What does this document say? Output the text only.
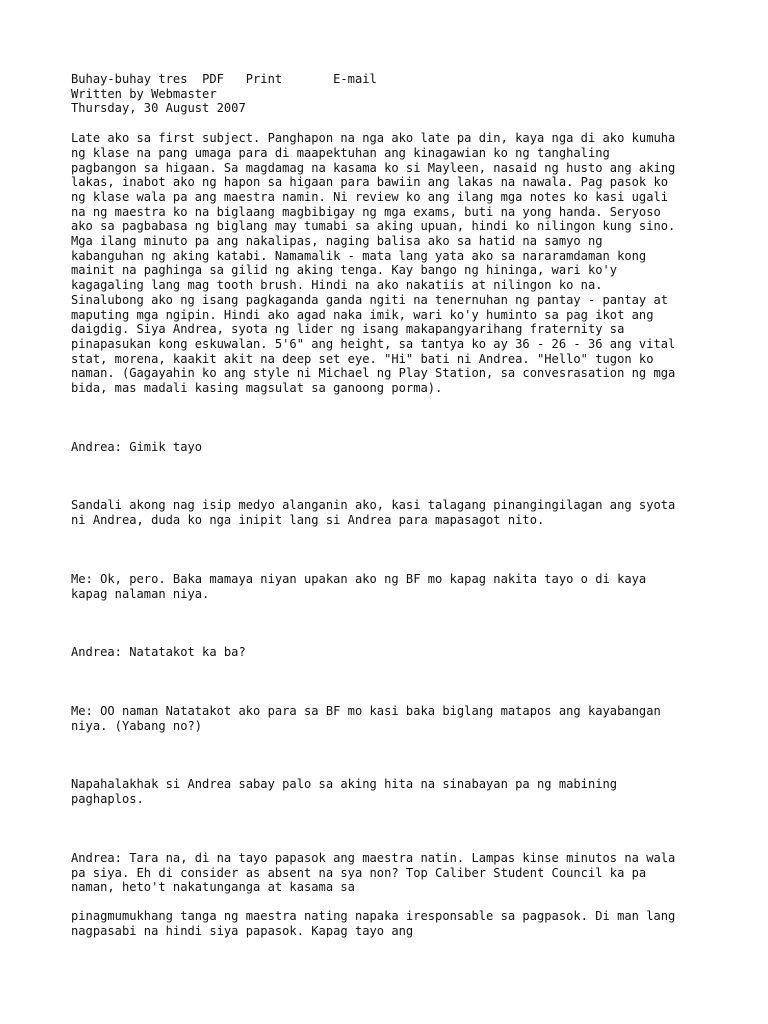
Buhay-buhay tres PDF Print	E-mail
Written by Webmaster
Thursday, 30 August 2007
Late ako sa first subject. Panghapon na nga ako late pa din, kaya nga di ako kumuha
ng klase na pang umaga para di maapektuhan ang kinagawian ko ng tanghaling
pagbangon sa higaan. Sa magdamag na kasama ko si Mayleen, nasaid ng husto ang aking
lakas, inabot ako ng hapon sa higaan para bawiin ang lakas na nawala. Pag pasok ko
ng klase wala pa ang maestra namin. Ni review ko ang ilang mga notes ko kasi ugali
na ng maestra ko na biglaang magbibigay ng mga exams, buti na yong handa. Seryoso
ako sa pagbabasa ng biglang may tumabi sa aking upuan, hindi ko nilingon kung sino.
Mga ilang minuto pa ang nakalipas, naging balisa ako sa hatid na samyo ng
kabanguhan ng aking katabi. Namamalik - mata lang yata ako sa nararamdaman kong
mainit na paghinga sa gilid ng aking tenga. Kay bango ng hininga, wari ko'y
kagagaling lang mag tooth brush. Hindi na ako nakatiis at nilingon ko na.
Sinalubong ako ng isang pagkaganda ganda ngiti na tenernuhan ng pantay - pantay at
maputing mga ngipin. Hindi ako agad naka imik, wari ko'y huminto sa pag ikot ang
daigdig. Siya Andrea, syota ng lider ng isang makapangyarihang fraternity sa
pinapasukan kong eskuwalan. 5'6" ang height, sa tantya ko ay 36 - 26 - 36 ang vital
stat, morena, kaakit akit na deep set eye. "Hi" bati ni Andrea. "Hello" tugon ko
naman. (Gagayahin ko ang style ni Michael ng Play Station, sa convesrasation ng mga
bida, mas madali kasing magsulat sa ganoong porma).
Andrea: Gimik tayo
Sandali akong nag isip medyo alanganin ako, kasi talagang pinangingilagan ang syota
ni Andrea, duda ko nga inipit lang si Andrea para mapasagot nito.
Me: Ok, pero. Baka mamaya niyan upakan ako ng BF mo kapag nakita tayo o di kaya
kapag nalaman niya.
Andrea: Natatakot ka ba?
Me: OO naman Natatakot ako para sa BF mo kasi baka biglang matapos ang kayabangan
niya. (Yabang no?)
Napahalakhak si Andrea sabay palo sa aking hita na sinabayan pa ng mabining
paghaplos.
Andrea: Tara na, di na tayo papasok ang maestra natin. Lampas kinse minutos na wala
pa siya. Eh di consider as absent na sya non? Top Caliber Student Council ka pa
naman, heto't nakatunganga at kasama sa
pinagmumukhang tanga ng maestra nating napaka iresponsable sa pagpasok. Di man lang
nagpasabi na hindi siya papasok. Kapag tayo ang
